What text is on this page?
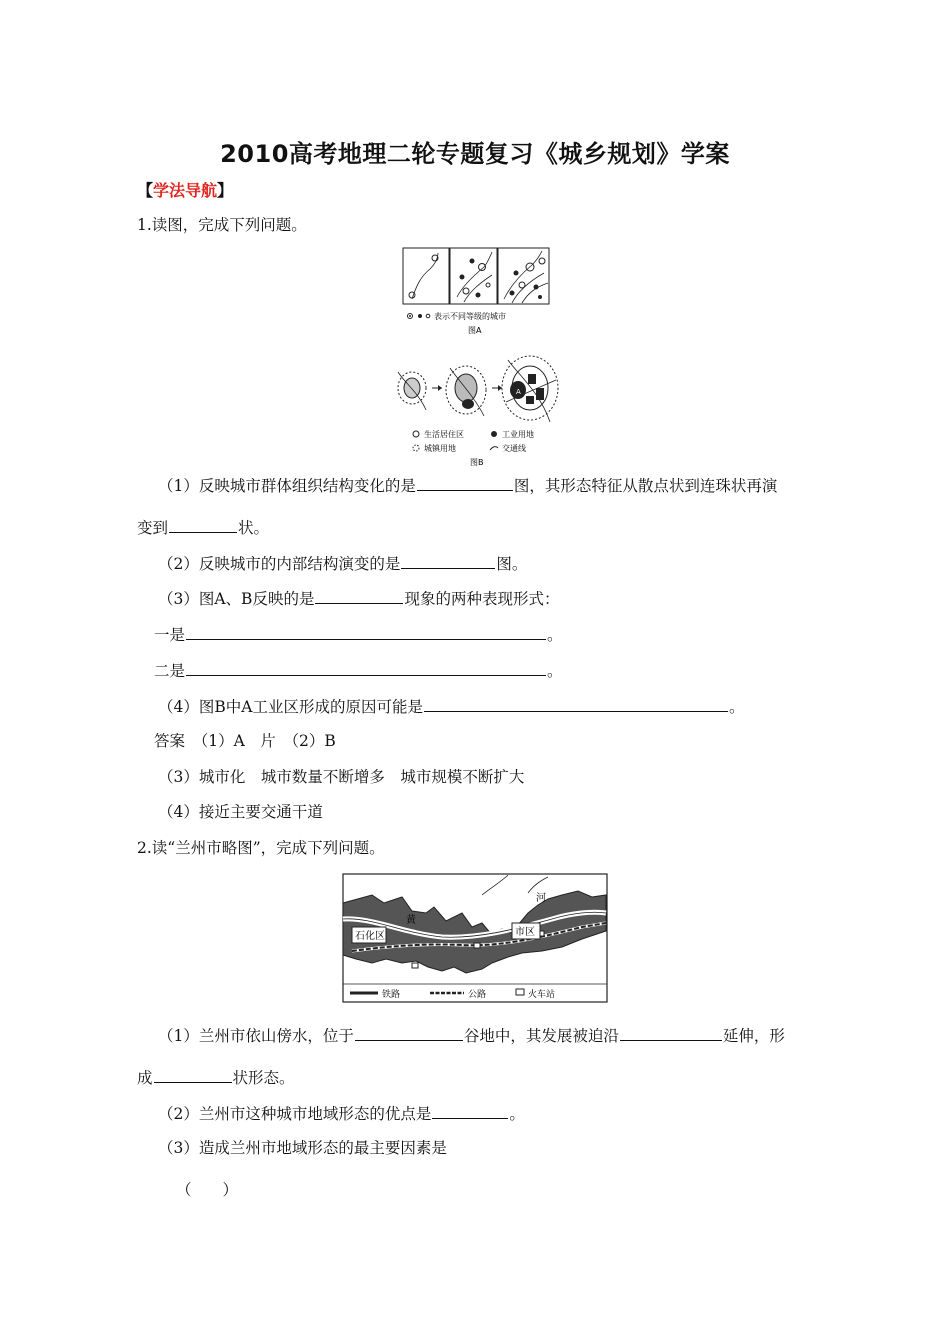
2010高考地理二轮专题复习《城乡规划》学案
【学法导航】
1.读图，完成下列问题。
表示不同等级的城市
图A
A
生活居住区	工业用地
城镇用地	交通线
图B
（1）反映城市群体组织结构变化的是	图，其形态特征从散点状到连珠状再演
变到	状。
（2）反映城市的内部结构演变的是	图。
（3）图A、B反映的是	现象的两种表现形式：
一是	。
二是	。
（4）图B中A工业区形成的原因可能是	。
答案　（1）A　片　（2）B
（3）城市化　城市数量不断增多　城市规模不断扩大
（4）接近主要交通干道
2.读“兰州市略图”，完成下列问题。
石化区	市区
黄
河
铁路	公路	火车站
（1）兰州市依山傍水，位于	谷地中，其发展被迫沿	延伸，形
成	状形态。
（2）兰州市这种城市地域形态的优点是	。
（3）造成兰州市地域形态的最主要因素是
（　　）
